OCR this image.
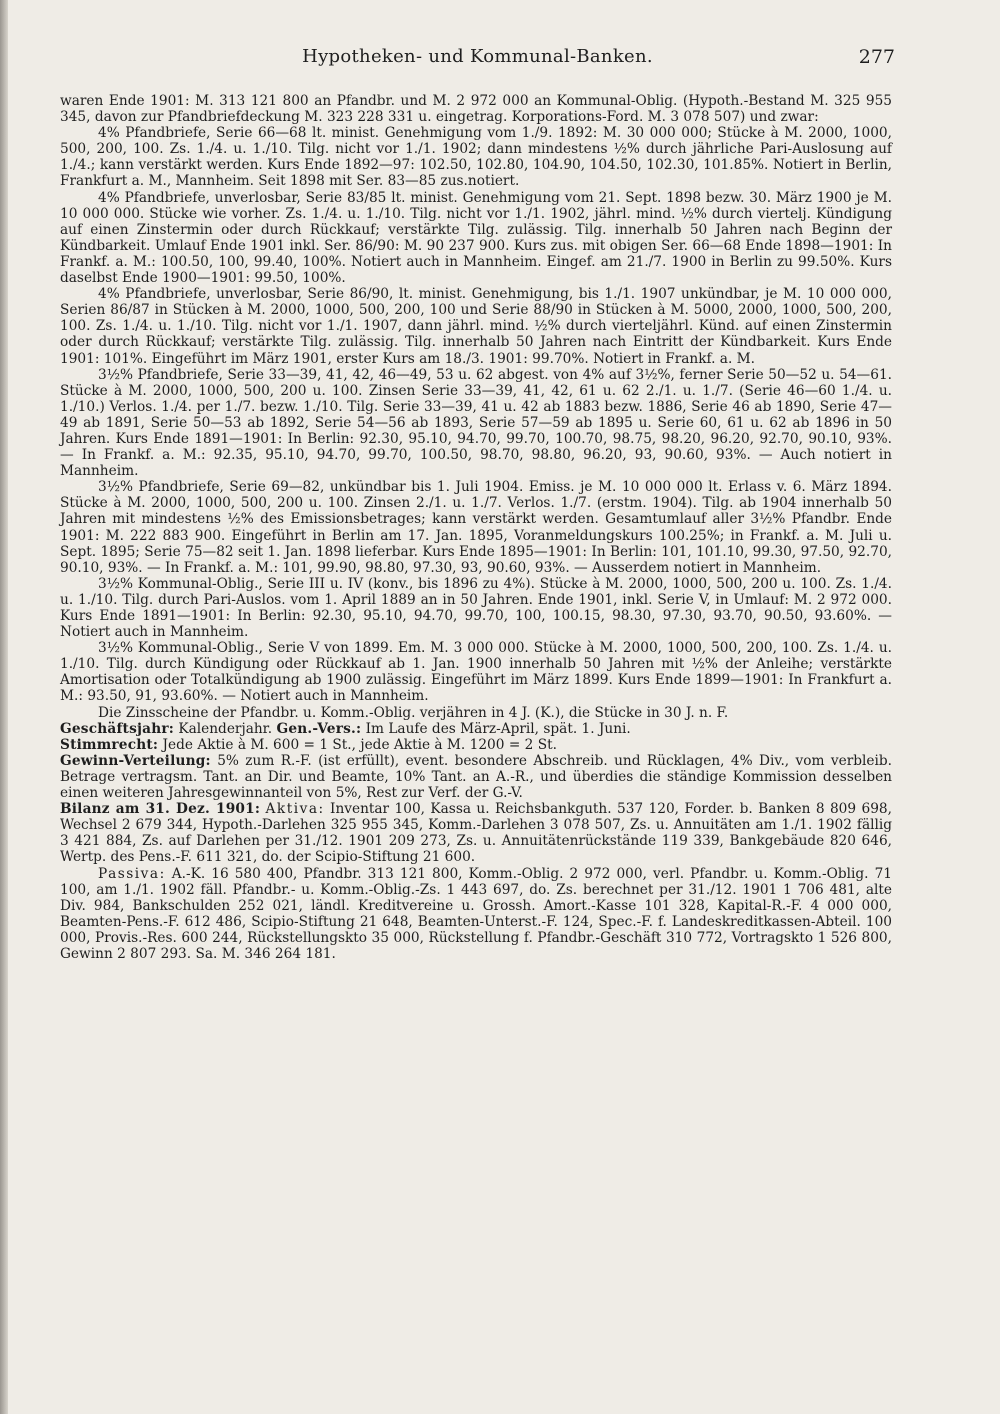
Hypotheken- und Kommunal-Banken.	277

waren Ende 1901: M. 313 121 800 an Pfandbr. und M. 2 972 000 an Kommunal-Oblig. (Hypoth.-Bestand M. 325 955 345, davon zur Pfandbriefdeckung M. 323 228 331 u. eingetrag. Korporations-Ford. M. 3 078 507) und zwar:

4% Pfandbriefe, Serie 66—68 lt. minist. Genehmigung vom 1./9. 1892: M. 30 000 000; Stücke à M. 2000, 1000, 500, 200, 100. Zs. 1./4. u. 1./10. Tilg. nicht vor 1./1. 1902; dann mindestens ½% durch jährliche Pari-Auslosung auf 1./4.; kann verstärkt werden. Kurs Ende 1892—97: 102.50, 102.80, 104.90, 104.50, 102.30, 101.85%. Notiert in Berlin, Frankfurt a. M., Mannheim. Seit 1898 mit Ser. 83—85 zus.notiert.

4% Pfandbriefe, unverlosbar, Serie 83/85 lt. minist. Genehmigung vom 21. Sept. 1898 bezw. 30. März 1900 je M. 10 000 000. Stücke wie vorher. Zs. 1./4. u. 1./10. Tilg. nicht vor 1./1. 1902, jährl. mind. ½% durch viertelj. Kündigung auf einen Zinstermin oder durch Rückkauf; verstärkte Tilg. zulässig. Tilg. innerhalb 50 Jahren nach Beginn der Kündbarkeit. Umlauf Ende 1901 inkl. Ser. 86/90: M. 90 237 900. Kurs zus. mit obigen Ser. 66—68 Ende 1898—1901: In Frankf. a. M.: 100.50, 100, 99.40, 100%. Notiert auch in Mannheim. Eingef. am 21./7. 1900 in Berlin zu 99.50%. Kurs daselbst Ende 1900—1901: 99.50, 100%.

4% Pfandbriefe, unverlosbar, Serie 86/90, lt. minist. Genehmigung, bis 1./1. 1907 unkündbar, je M. 10 000 000, Serien 86/87 in Stücken à M. 2000, 1000, 500, 200, 100 und Serie 88/90 in Stücken à M. 5000, 2000, 1000, 500, 200, 100. Zs. 1./4. u. 1./10. Tilg. nicht vor 1./1. 1907, dann jährl. mind. ½% durch vierteljährl. Künd. auf einen Zinstermin oder durch Rückkauf; verstärkte Tilg. zulässig. Tilg. innerhalb 50 Jahren nach Eintritt der Kündbarkeit. Kurs Ende 1901: 101%. Eingeführt im März 1901, erster Kurs am 18./3. 1901: 99.70%. Notiert in Frankf. a. M.

3½% Pfandbriefe, Serie 33—39, 41, 42, 46—49, 53 u. 62 abgest. von 4% auf 3½%, ferner Serie 50—52 u. 54—61. Stücke à M. 2000, 1000, 500, 200 u. 100. Zinsen Serie 33—39, 41, 42, 61 u. 62 2./1. u. 1./7. (Serie 46—60 1./4. u. 1./10.) Verlos. 1./4. per 1./7. bezw. 1./10. Tilg. Serie 33—39, 41 u. 42 ab 1883 bezw. 1886, Serie 46 ab 1890, Serie 47—49 ab 1891, Serie 50—53 ab 1892, Serie 54—56 ab 1893, Serie 57—59 ab 1895 u. Serie 60, 61 u. 62 ab 1896 in 50 Jahren. Kurs Ende 1891—1901: In Berlin: 92.30, 95.10, 94.70, 99.70, 100.70, 98.75, 98.20, 96.20, 92.70, 90.10, 93%. — In Frankf. a. M.: 92.35, 95.10, 94.70, 99.70, 100.50, 98.70, 98.80, 96.20, 93, 90.60, 93%. — Auch notiert in Mannheim.

3½% Pfandbriefe, Serie 69—82, unkündbar bis 1. Juli 1904. Emiss. je M. 10 000 000 lt. Erlass v. 6. März 1894. Stücke à M. 2000, 1000, 500, 200 u. 100. Zinsen 2./1. u. 1./7. Verlos. 1./7. (erstm. 1904). Tilg. ab 1904 innerhalb 50 Jahren mit mindestens ½% des Emissionsbetrages; kann verstärkt werden. Gesamtumlauf aller 3½% Pfandbr. Ende 1901: M. 222 883 900. Eingeführt in Berlin am 17. Jan. 1895, Voranmeldungskurs 100.25%; in Frankf. a. M. Juli u. Sept. 1895; Serie 75—82 seit 1. Jan. 1898 lieferbar. Kurs Ende 1895—1901: In Berlin: 101, 101.10, 99.30, 97.50, 92.70, 90.10, 93%. — In Frankf. a. M.: 101, 99.90, 98.80, 97.30, 93, 90.60, 93%. — Ausserdem notiert in Mannheim.

3½% Kommunal-Oblig., Serie III u. IV (konv., bis 1896 zu 4%). Stücke à M. 2000, 1000, 500, 200 u. 100. Zs. 1./4. u. 1./10. Tilg. durch Pari-Auslos. vom 1. April 1889 an in 50 Jahren. Ende 1901, inkl. Serie V, in Umlauf: M. 2 972 000. Kurs Ende 1891—1901: In Berlin: 92.30, 95.10, 94.70, 99.70, 100, 100.15, 98.30, 97.30, 93.70, 90.50, 93.60%. — Notiert auch in Mannheim.

3½% Kommunal-Oblig., Serie V von 1899. Em. M. 3 000 000. Stücke à M. 2000, 1000, 500, 200, 100. Zs. 1./4. u. 1./10. Tilg. durch Kündigung oder Rückkauf ab 1. Jan. 1900 innerhalb 50 Jahren mit ½% der Anleihe; verstärkte Amortisation oder Totalkündigung ab 1900 zulässig. Eingeführt im März 1899. Kurs Ende 1899—1901: In Frankfurt a. M.: 93.50, 91, 93.60%. — Notiert auch in Mannheim.

Die Zinsscheine der Pfandbr. u. Komm.-Oblig. verjähren in 4 J. (K.), die Stücke in 30 J. n. F.

Geschäftsjahr: Kalenderjahr. Gen.-Vers.: Im Laufe des März-April, spät. 1. Juni.

Stimmrecht: Jede Aktie à M. 600 = 1 St., jede Aktie à M. 1200 = 2 St.

Gewinn-Verteilung: 5% zum R.-F. (ist erfüllt), event. besondere Abschreib. und Rücklagen, 4% Div., vom verbleib. Betrage vertragsm. Tant. an Dir. und Beamte, 10% Tant. an A.-R., und überdies die ständige Kommission desselben einen weiteren Jahresgewinnanteil von 5%, Rest zur Verf. der G.-V.

Bilanz am 31. Dez. 1901: Aktiva: Inventar 100, Kassa u. Reichsbankguth. 537 120, Forder. b. Banken 8 809 698, Wechsel 2 679 344, Hypoth.-Darlehen 325 955 345, Komm.-Darlehen 3 078 507, Zs. u. Annuitäten am 1./1. 1902 fällig 3 421 884, Zs. auf Darlehen per 31./12. 1901 209 273, Zs. u. Annuitätenrückstände 119 339, Bankgebäude 820 646, Wertp. des Pens.-F. 611 321, do. der Scipio-Stiftung 21 600.

Passiva: A.-K. 16 580 400, Pfandbr. 313 121 800, Komm.-Oblig. 2 972 000, verl. Pfandbr. u. Komm.-Oblig. 71 100, am 1./1. 1902 fäll. Pfandbr.- u. Komm.-Oblig.-Zs. 1 443 697, do. Zs. berechnet per 31./12. 1901 1 706 481, alte Div. 984, Bankschulden 252 021, ländl. Kreditvereine u. Grossh. Amort.-Kasse 101 328, Kapital-R.-F. 4 000 000, Beamten-Pens.-F. 612 486, Scipio-Stiftung 21 648, Beamten-Unterst.-F. 124, Spec.-F. f. Landeskreditkassen-Abteil. 100 000, Provis.-Res. 600 244, Rückstellungskto 35 000, Rückstellung f. Pfandbr.-Geschäft 310 772, Vortragskto 1 526 800, Gewinn 2 807 293. Sa. M. 346 264 181.
